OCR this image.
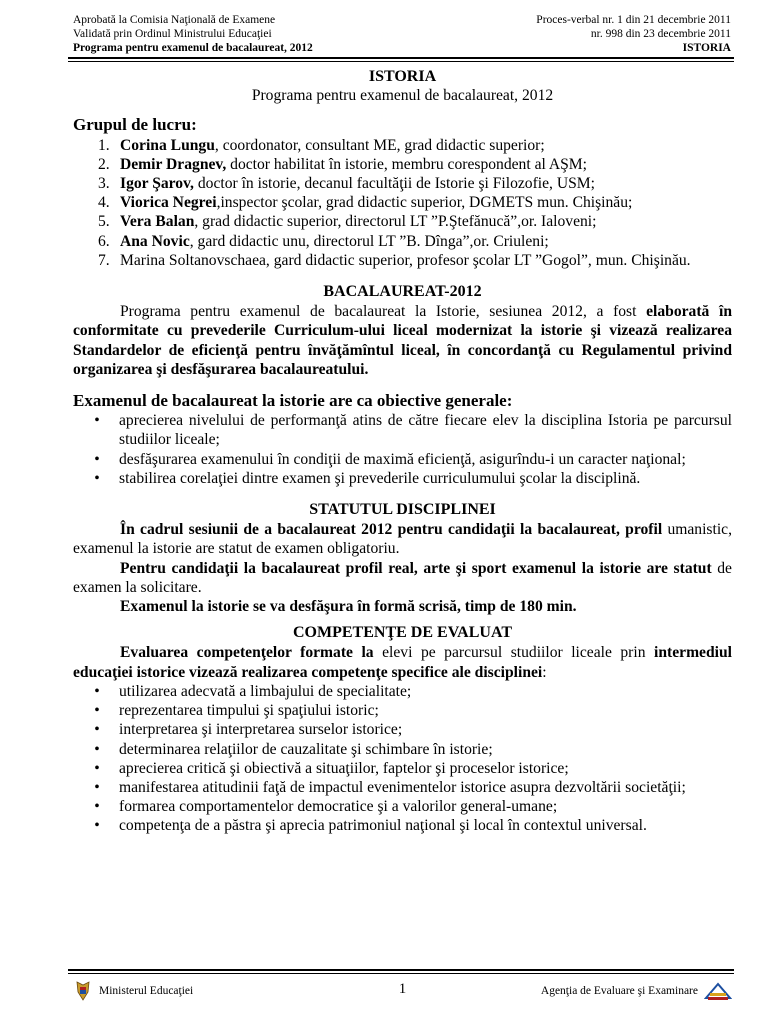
Aprobată la Comisia Naţională de Examene	Proces-verbal nr. 1 din 21 decembrie 2011
Validată prin Ordinul Ministrului Educaţiei	nr. 998 din 23 decembrie 2011
Programa pentru examenul de bacalaureat, 2012	ISTORIA
ISTORIA
Programa pentru examenul de bacalaureat, 2012
Grupul de lucru:
1. Corina Lungu, coordonator, consultant ME, grad didactic superior;
2. Demir Dragnev, doctor habilitat în istorie, membru corespondent al AŞM;
3. Igor Şarov, doctor în istorie, decanul facultăţii de Istorie şi Filozofie, USM;
4. Viorica Negrei,inspector şcolar, grad didactic superior, DGMETS mun. Chişinău;
5. Vera Balan, grad didactic superior, directorul LT ”P.Ştefănucă”,or. Ialoveni;
6. Ana Novic, gard didactic unu, directorul LT ”B. Dînga”,or. Criuleni;
7. Marina Soltanovschaea, gard didactic superior, profesor şcolar LT ”Gogol”, mun. Chişinău.
BACALAUREAT-2012

Programa pentru examenul de bacalaureat la Istorie, sesiunea 2012, a fost elaborată în conformitate cu prevederile Curriculum-ului liceal modernizat la istorie şi vizează realizarea Standardelor de eficienţă pentru învăţămîntul liceal, în concordanţă cu Regulamentul privind organizarea şi desfăşurarea bacalaureatului.

Examenul de bacalaureat la istorie are ca obiective generale:
•	aprecierea nivelului de performanţă atins de către fiecare elev la disciplina Istoria pe parcursul studiilor liceale;
•	desfăşurarea examenului în condiţii de maximă eficienţă, asigurîndu-i un caracter naţional;
•	stabilirea corelaţiei dintre examen şi prevederile curriculumului şcolar la disciplină.
STATUTUL DISCIPLINEI

În cadrul sesiunii de a bacalaureat 2012 pentru candidaţii la bacalaureat, profil umanistic, examenul la istorie are statut de examen obligatoriu.

Pentru candidaţii la bacalaureat profil real, arte şi sport examenul la istorie are statut de examen la solicitare.

Examenul la istorie se va desfăşura în formă scrisă, timp de 180 min.

COMPETENŢE DE EVALUAT

Evaluarea competenţelor formate la elevi pe parcursul studiilor liceale prin intermediul educaţiei istorice vizează realizarea competenţe specifice ale disciplinei:

•	utilizarea adecvată a limbajului de specialitate;
•	reprezentarea timpului şi spaţiului istoric;
•	interpretarea şi interpretarea surselor istorice;
•	determinarea relaţiilor de cauzalitate şi schimbare în istorie;
•	aprecierea critică şi obiectivă a situaţiilor, faptelor şi proceselor istorice;
•	manifestarea atitudinii faţă de impactul evenimentelor istorice asupra dezvoltării societăţii;
•	formarea comportamentelor democratice şi a valorilor general-umane;
•	competenţa de a păstra şi aprecia patrimoniul naţional şi local în contextul universal.
Ministerul Educaţiei	1	Agenţia de Evaluare şi Examinare
